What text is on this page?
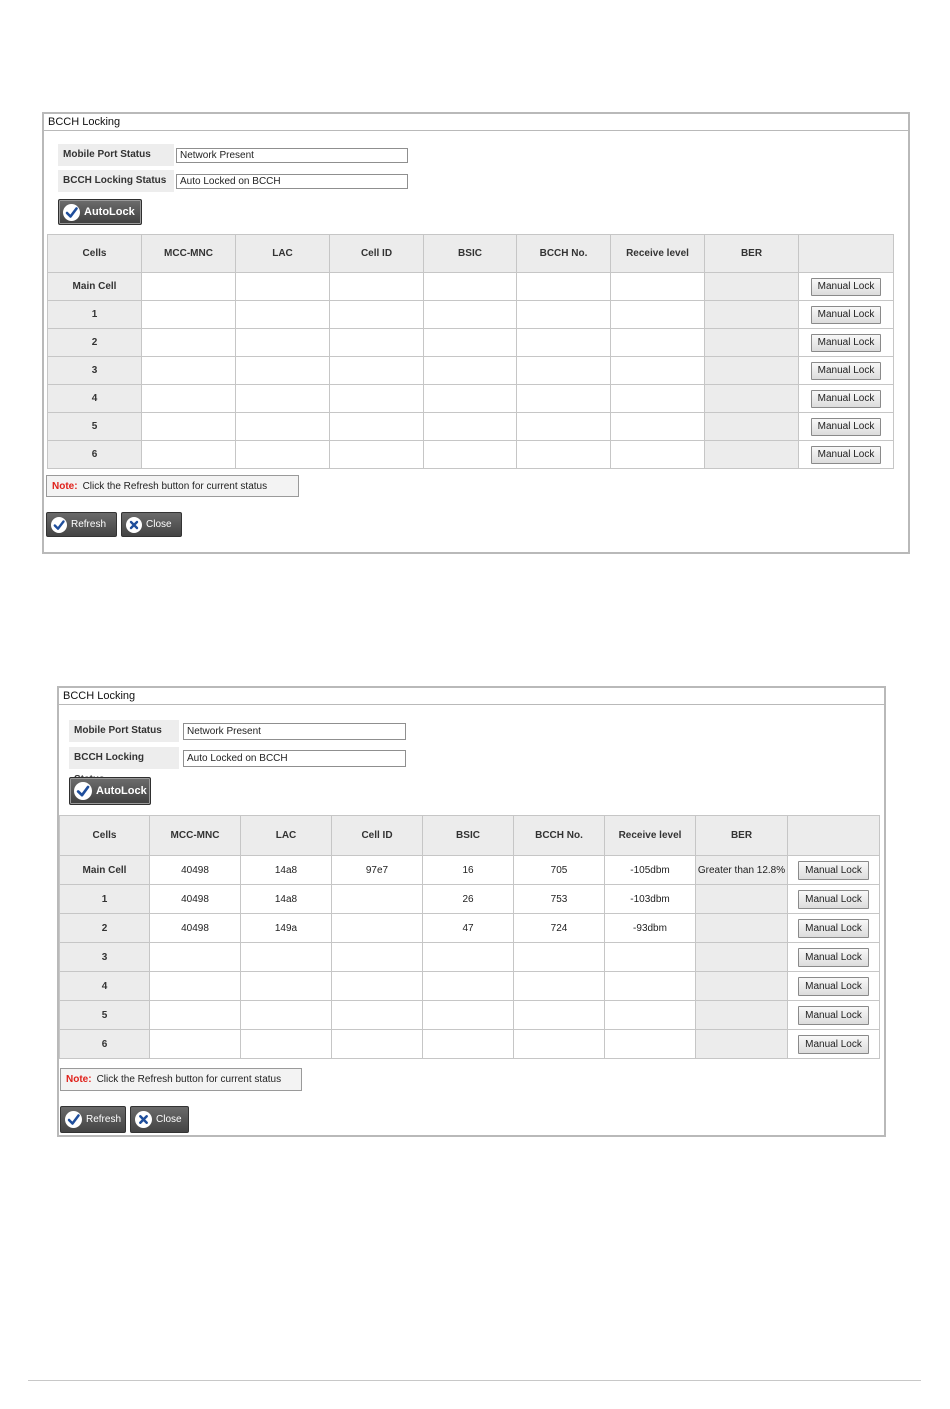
BCCH Locking
Mobile Port Status
Network Present
BCCH Locking Status
Auto Locked on BCCH
AutoLock
Cells	MCC-MNC	LAC	Cell ID	BSIC	BCCH No.	Receive level	BER	
Main Cell								Manual Lock
1								Manual Lock
2								Manual Lock
3								Manual Lock
4								Manual Lock
5								Manual Lock
6								Manual Lock
Note: Click the Refresh button for current status
Refresh	Close
BCCH Locking
Mobile Port Status
Network Present
BCCH Locking
Auto Locked on BCCH
AutoLock
Cells	MCC-MNC	LAC	Cell ID	BSIC	BCCH No.	Receive level	BER	
Main Cell	40498	14a8	97e7	16	705	-105dbm	Greater than 12.8%	Manual Lock
1	40498	14a8		26	753	-103dbm		Manual Lock
2	40498	149a		47	724	-93dbm		Manual Lock
3								Manual Lock
4								Manual Lock
5								Manual Lock
6								Manual Lock
Note: Click the Refresh button for current status
Refresh	Close
